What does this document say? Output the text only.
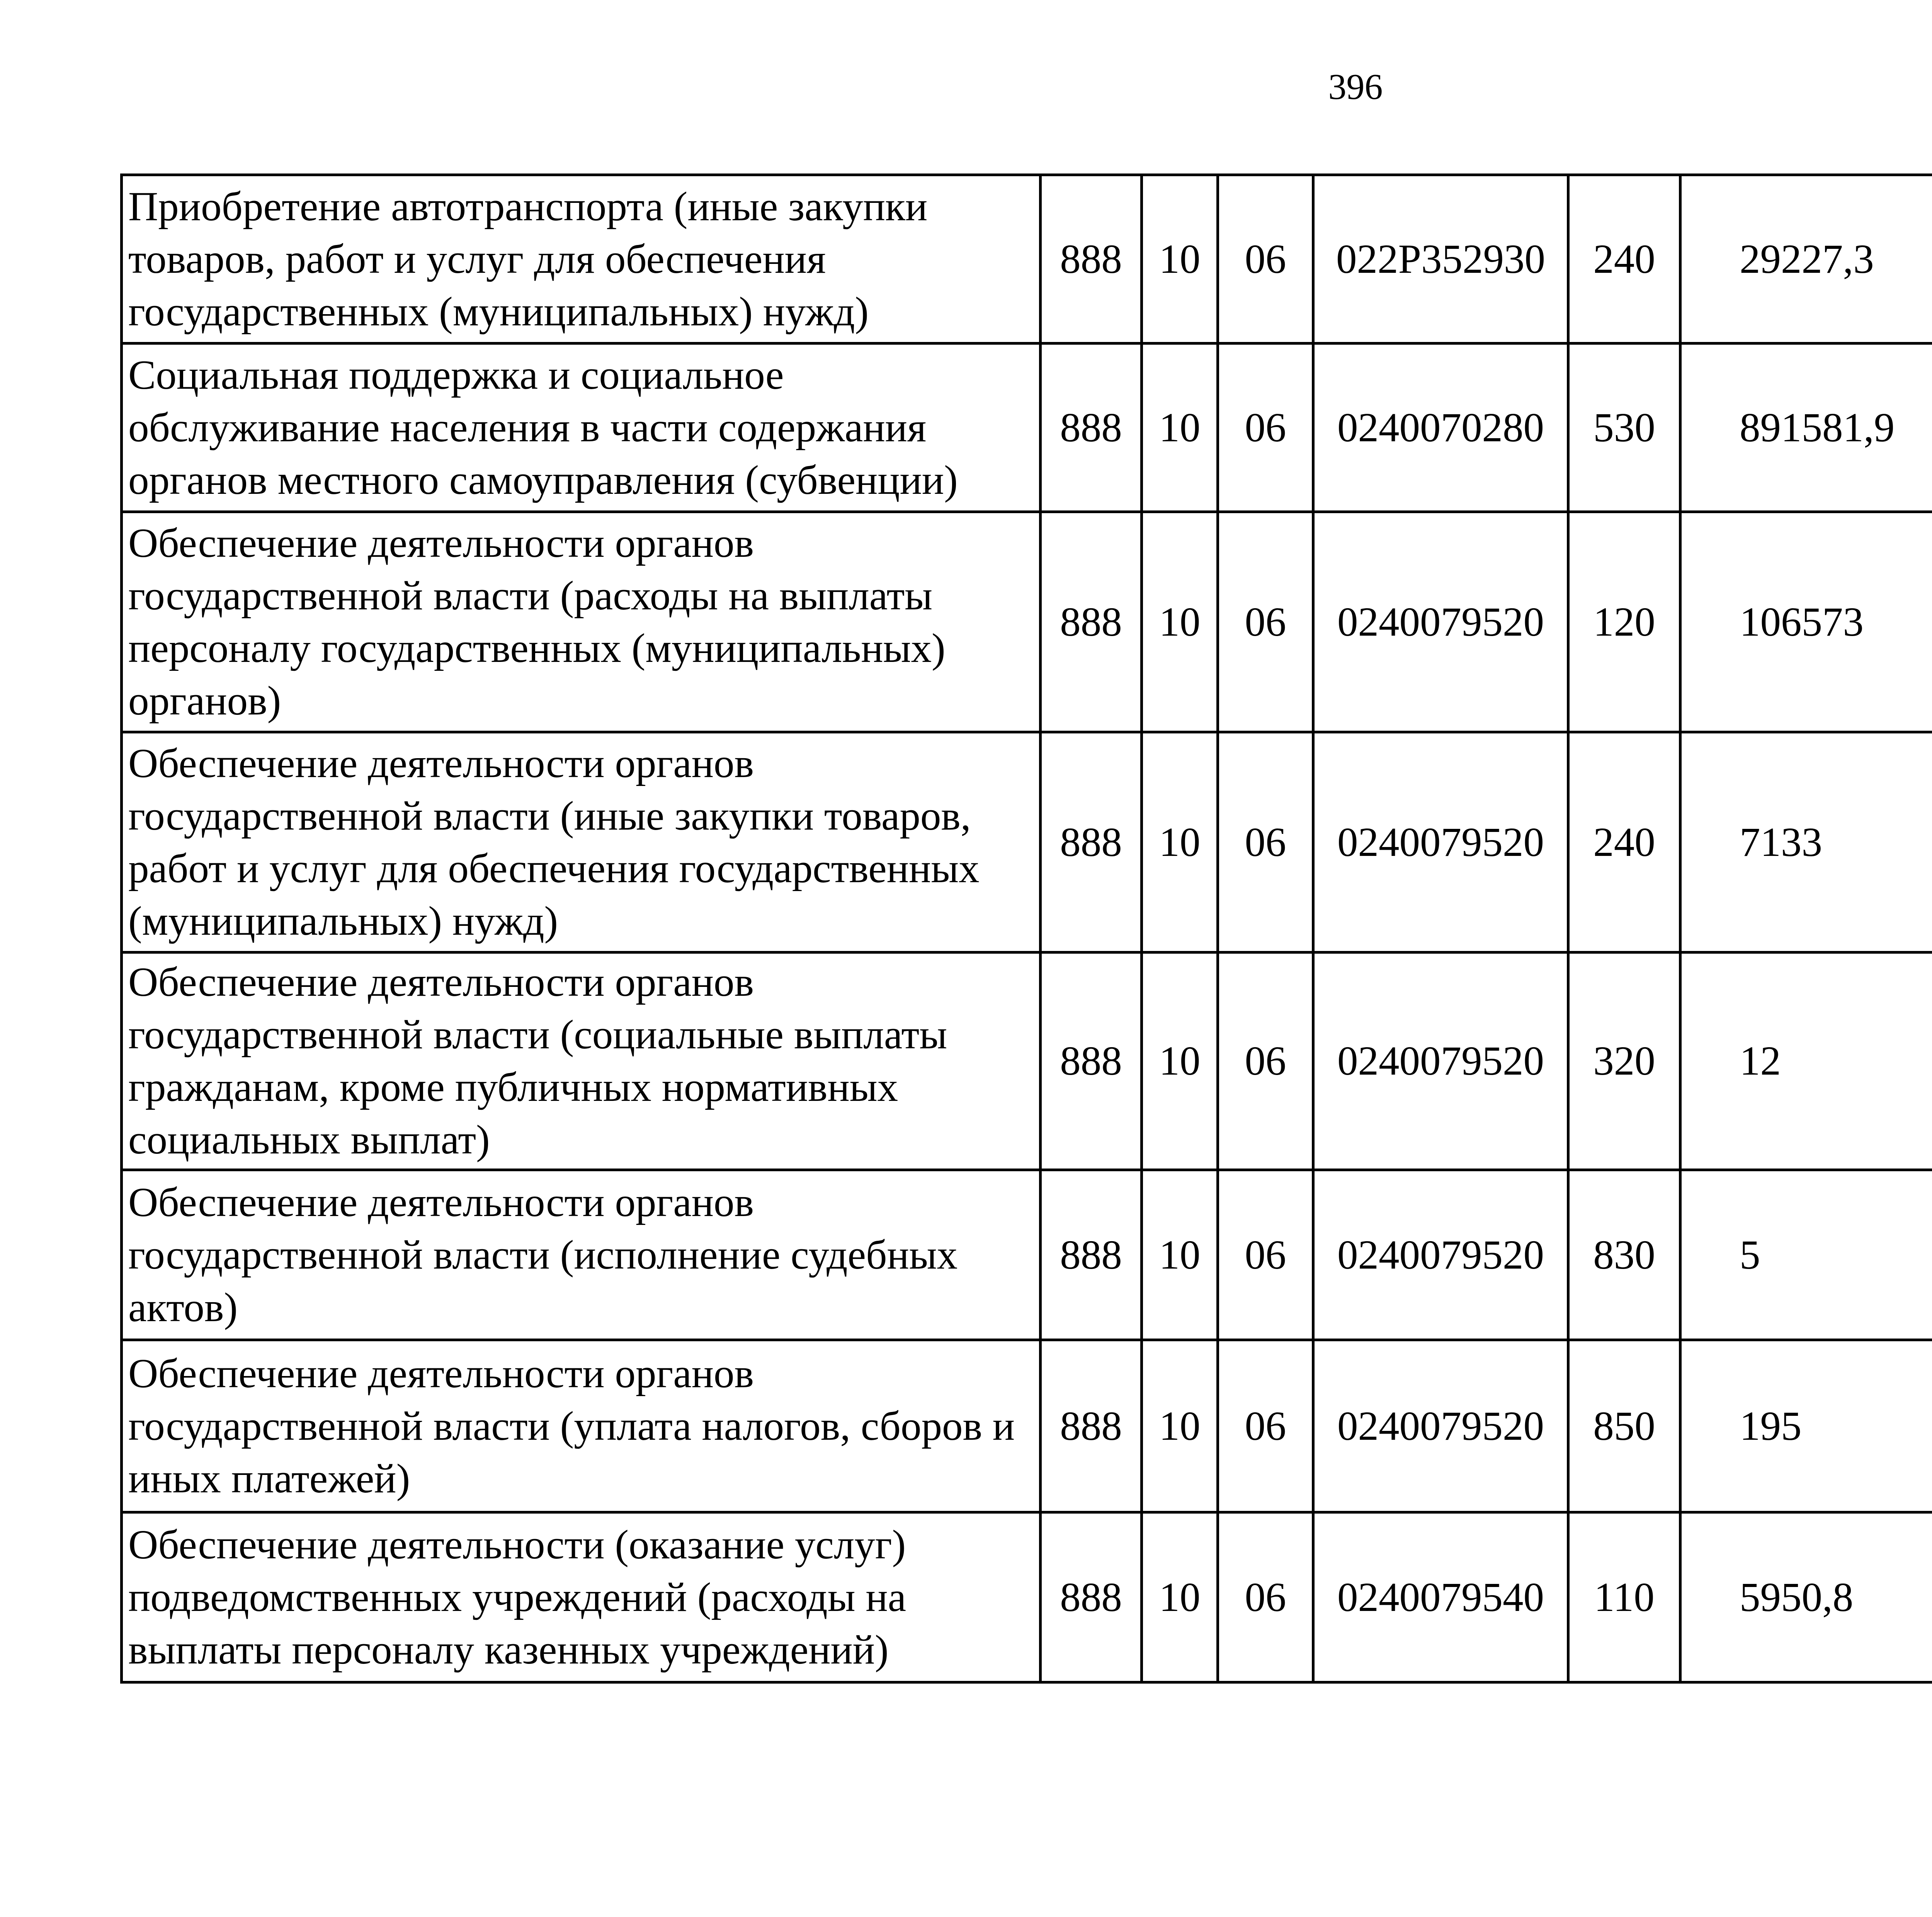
396
Приобретение автотранспорта (иные закупки товаров, работ и услуг для обеспечения государственных (муниципальных) нужд)	888	10	06	022Р352930	240	29227,3		
Социальная поддержка и социальное обслуживание населения в части содержания органов местного самоуправления (субвенции)	888	10	06	0240070280	530	891581,9		
Обеспечение деятельности органов государственной власти (расходы на выплаты персоналу государственных (муниципальных) органов)	888	10	06	0240079520	120	106573		
Обеспечение деятельности органов государственной власти (иные закупки товаров, работ и услуг для обеспечения государственных (муниципальных) нужд)	888	10	06	0240079520	240	7133		
Обеспечение деятельности органов государственной власти (социальные выплаты гражданам, кроме публичных нормативных социальных выплат)	888	10	06	0240079520	320	12		
Обеспечение деятельности органов государственной власти (исполнение судебных актов)	888	10	06	0240079520	830	5		
Обеспечение деятельности органов государственной власти (уплата налогов, сборов и иных платежей)	888	10	06	0240079520	850	195		
Обеспечение деятельности (оказание услуг) подведомственных учреждений (расходы на выплаты персоналу казенных учреждений)	888	10	06	0240079540	110	5950,8		
